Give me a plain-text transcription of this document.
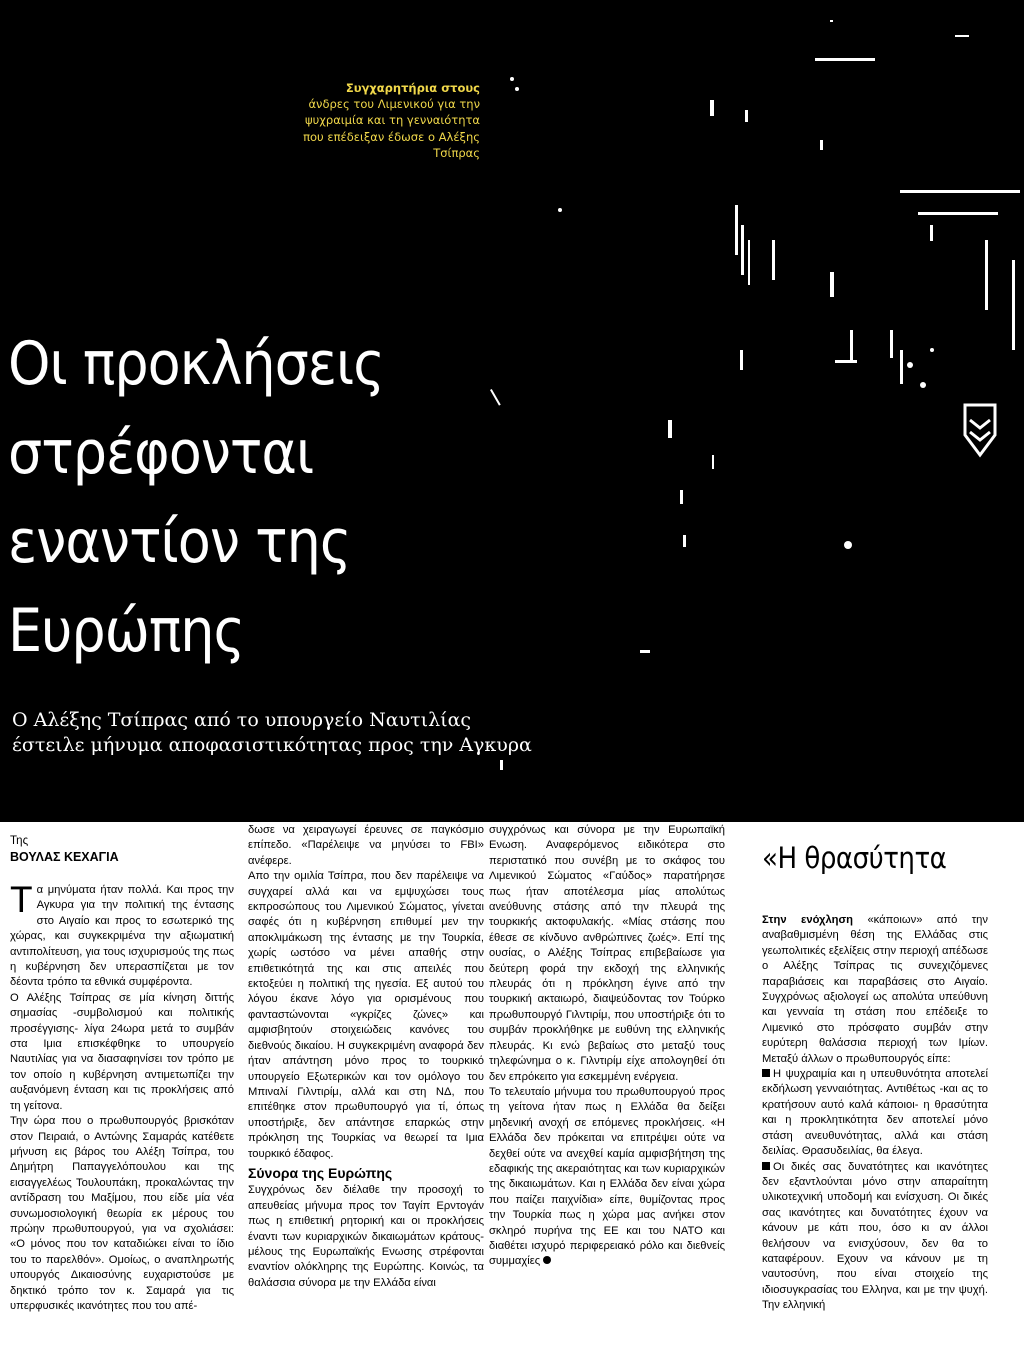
Συγχαρητήρια στους
άνδρες του Λιμενικού για την ψυχραιμία και τη γενναιότητα που επέδειξαν έδωσε ο Αλέξης Τσίπρας
Οι προκλήσεις
στρέφονται
εναντίον της
Ευρώπης
Ο Αλέξης Τσίπρας από το υπουργείο Ναυτιλίας έστειλε μήνυμα αποφασιστικότητας προς την Αγκυρα
Της
ΒΟΥΛΑΣ ΚΕΧΑΓΙΑ

Τα μηνύματα ήταν πολλά. Και προς την Αγκυρα για την πολιτική της έντασης στο Αιγαίο και προς το εσωτερικό της χώρας, και συγκεκριμένα την αξιωματική αντιπολίτευση, για τους ισχυρισμούς της πως η κυβέρνηση δεν υπερασπίζεται με τον δέοντα τρόπο τα εθνικά συμφέροντα.

Ο Αλέξης Τσίπρας σε μία κίνηση διττής σημασίας -συμβολισμού και πολιτικής προσέγγισης- λίγα 24ωρα μετά το συμβάν στα Ιμια επισκέφθηκε το υπουργείο Ναυτιλίας για να διασαφηνίσει τον τρόπο με τον οποίο η κυβέρνηση αντιμετωπίζει την αυξανόμενη ένταση και τις προκλήσεις από τη γείτονα.

Την ώρα που ο πρωθυπουργός βρισκόταν στον Πειραιά, ο Αντώνης Σαμαράς κατέθετε μήνυση εις βάρος του Αλέξη Τσίπρα, του Δημήτρη Παπαγγελόπουλου και της εισαγγελέως Τουλουπάκη, προκαλώντας την αντίδραση του Μαξίμου, που είδε μία νέα συνωμοσιολογική θεωρία εκ μέρους του πρώην πρωθυπουργού, για να σχολιάσει: «Ο μόνος που τον καταδιώκει είναι το ίδιο του το παρελθόν». Ομοίως, ο αναπληρωτής υπουργός Δικαιοσύνης ευχαριστούσε με δηκτικό τρόπο τον κ. Σαμαρά για τις υπερφυσικές ικανότητες που του απέ-

δωσε να χειραγωγεί έρευνες σε παγκόσμιο επίπεδο. «Παρέλειψε να μηνύσει το FBI» ανέφερε.

Απο την ομιλία Τσίπρα, που δεν παρέλειψε να συγχαρεί αλλά και να εμψυχώσει τους εκπροσώπους του Λιμενικού Σώματος, γίνεται σαφές ότι η κυβέρνηση επιθυμεί μεν την αποκλιμάκωση της έντασης με την Τουρκία, χωρίς ωστόσο να μένει απαθής στην επιθετικότητά της και στις απειλές που εκτοξεύει η πολιτική της ηγεσία. Εξ αυτού του λόγου έκανε λόγο για ορισμένους που φανταστώνονται «γκρίζες ζώνες» και αμφισβητούν στοιχειώδεις κανόνες του διεθνούς δικαίου. Η συγκεκριμένη αναφορά δεν ήταν απάντηση μόνο προς το τουρκικό υπουργείο Εξωτερικών και τον ομόλογο του Μπιναλί Γιλντιρίμ, αλλά και στη ΝΔ, που επιτέθηκε στον πρωθυπουργό για τί, όπως υποστήριξε, δεν απάντησε επαρκώς στην πρόκληση της Τουρκίας να θεωρεί τα Ιμια τουρκικό έδαφος.

Σύνορα της Ευρώπης

Συγχρόνως δεν διέλαθε την προσοχή το απευθείας μήνυμα προς τον Ταγίπ Ερντογάν πως η επιθετική ρητορική και οι προκλήσεις έναντι των κυριαρχικών δικαιωμάτων κράτους-μέλους της Ευρωπαϊκής Ενωσης στρέφονται εναντίον ολόκληρης της Ευρώπης. Κοινώς, τα θαλάσσια σύνορα με την Ελλάδα είναι

συγχρόνως και σύνορα με την Ευρωπαϊκή Ενωση. Αναφερόμενος ειδικότερα στο περιστατικό που συνέβη με το σκάφος του Λιμενικού Σώματος «Γαύδος» παρατήρησε πως ήταν αποτέλεσμα μίας απολύτως ανεύθυνης στάσης από την πλευρά της τουρκικής ακτοφυλακής. «Μίας στάσης που έθεσε σε κίνδυνο ανθρώπινες ζωές». Επί της ουσίας, ο Αλέξης Τσίπρας επιβεβαίωσε για δεύτερη φορά την εκδοχή της ελληνικής πλευράς ότι η πρόκληση έγινε από την τουρκική ακταιωρό, διαψεύδοντας τον Τούρκο πρωθυπουργό Γιλντιρίμ, που υποστήριξε ότι το συμβάν προκλήθηκε με ευθύνη της ελληνικής πλευράς. Κι ενώ βεβαίως στο μεταξύ τους τηλεφώνημα ο κ. Γιλντιρίμ είχε απολογηθεί ότι δεν επρόκειτο για εσκεμμένη ενέργεια.

Το τελευταίο μήνυμα του πρωθυπουργού προς τη γείτονα ήταν πως η Ελλάδα θα δείξει μηδενική ανοχή σε επόμενες προκλήσεις. «Η Ελλάδα δεν πρόκειται να επιτρέψει ούτε να δεχθεί ούτε να ανεχθεί καμία αμφισβήτηση της εδαφικής της ακεραιότητας και των κυριαρχικών της δικαιωμάτων. Και η Ελλάδα δεν είναι χώρα που παίζει παιχνίδια» είπε, θυμίζοντας προς την Τουρκία πως η χώρα μας ανήκει στον σκληρό πυρήνα της ΕΕ και του ΝΑΤΟ και διαθέτει ισχυρό περιφερειακό ρόλο και διεθνείς συμμαχίες

«Η θρασύτητα

Στην ενόχληση «κάποιων» από την αναβαθμισμένη θέση της Ελλάδας στις γεωπολιτικές εξελίξεις στην περιοχή απέδωσε ο Αλέξης Τσίπρας τις συνεχιζόμενες παραβιάσεις και παραβάσεις στο Αιγαίο. Συγχρόνως αξιολογεί ως απολύτα υπεύθυνη και γενναία τη στάση που επέδειξε το Λιμενικό στο πρόσφατο συμβάν στην ευρύτερη θαλάσσια περιοχή των Ιμίων. Μεταξύ άλλων ο πρωθυπουργός είπε:

Η ψυχραιμία και η υπευθυνότητα αποτελεί εκδήλωση γενναιότητας. Αντιθέτως -και ας το κρατήσουν αυτό καλά κάποιοι- η θρασύτητα και η προκλητικότητα δεν αποτελεί μόνο στάση ανευθυνότητας, αλλά και στάση δειλίας. Θρασυδειλίας, θα έλεγα.

Οι δικές σας δυνατότητες και ικανότητες δεν εξαντλούνται μόνο στην απαραίτητη υλικοτεχνική υποδομή και ενίσχυση. Οι δικές σας ικανότητες και δυνατότητες έχουν να κάνουν με κάτι που, όσο κι αν άλλοι θελήσουν να ενισχύσουν, δεν θα το καταφέρουν. Εχουν να κάνουν με τη ναυτοσύνη, που είναι στοιχείο της ιδιοσυγκρασίας του Ελληνα, και με την ψυχή. Την ελληνική
